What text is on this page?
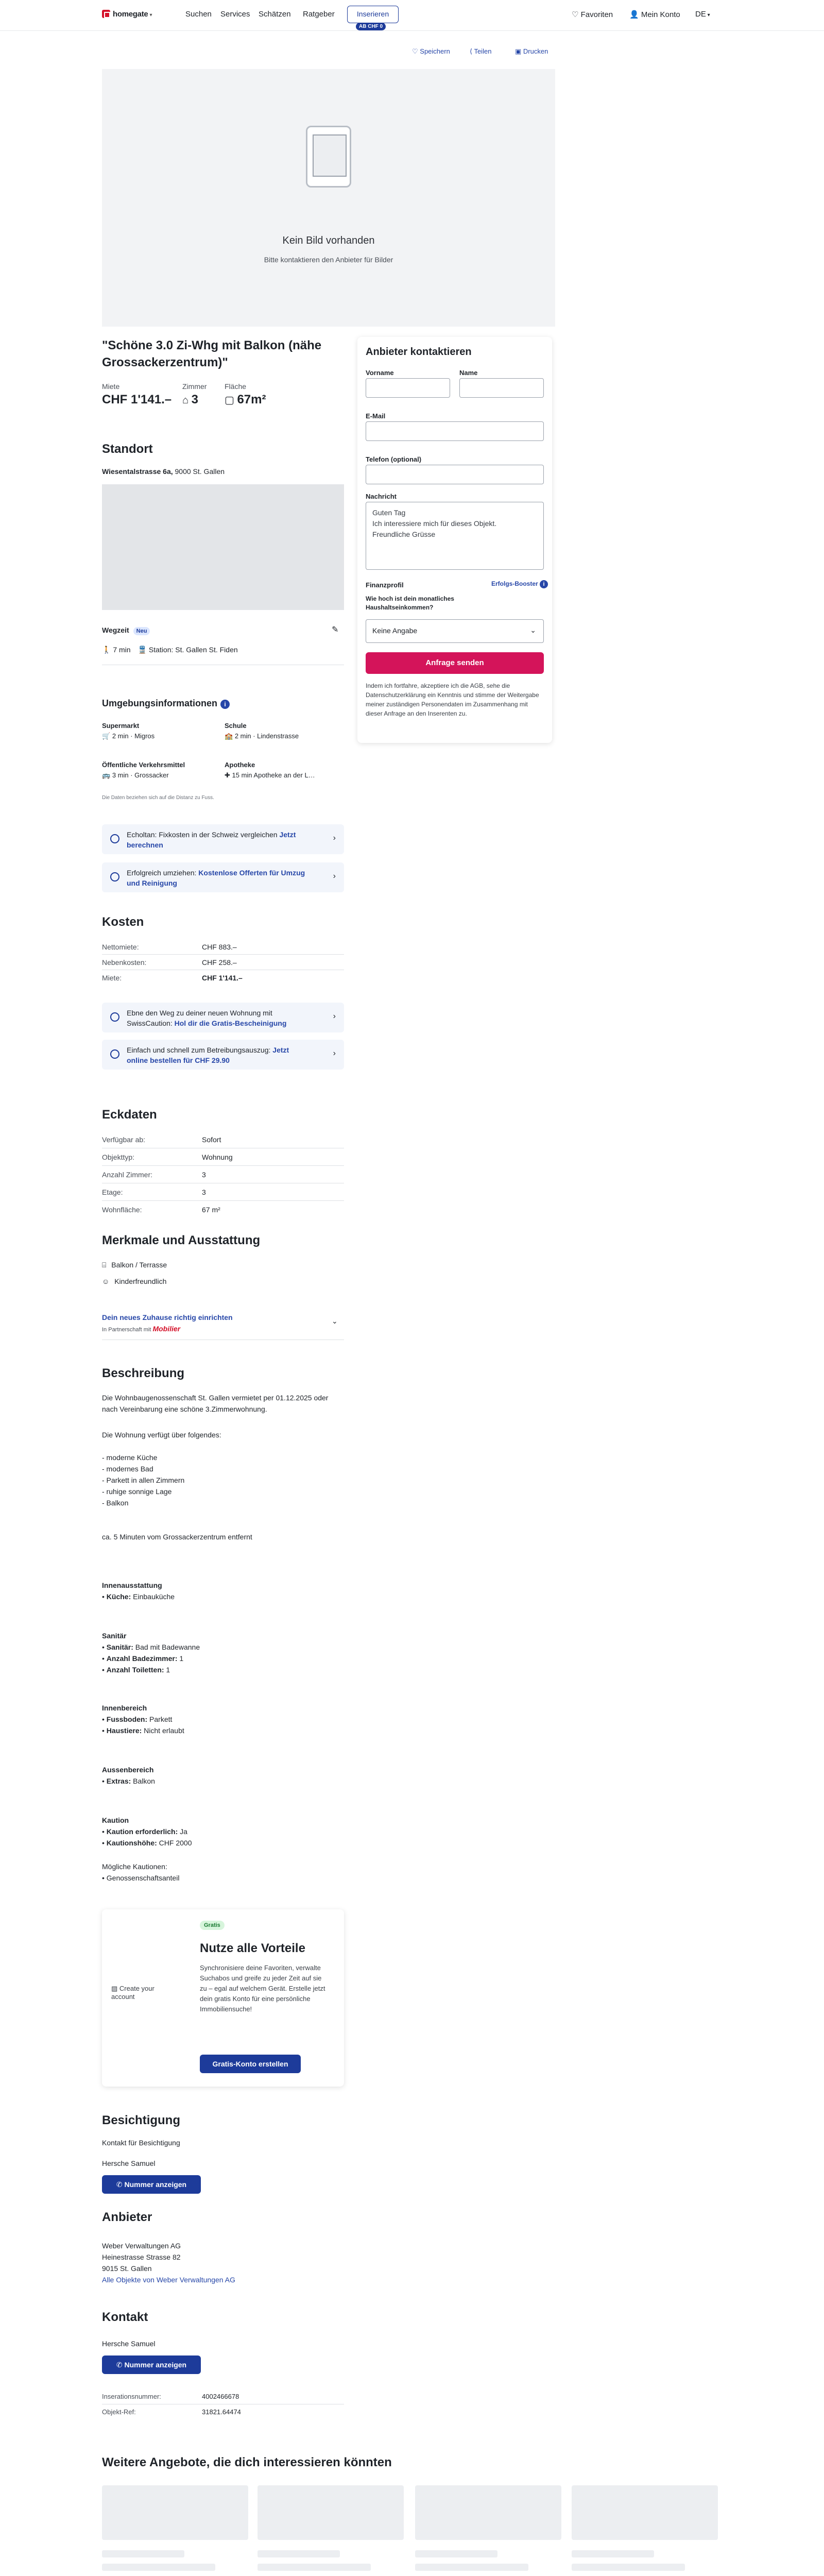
homegate ▾	Suchen Services Schätzen Ratgeber	Inserieren
AB CHF 0
♡ Favoriten 👤 Mein Konto DE ▾
♡ Speichern	⟨ Teilen	▣ Drucken
Kein Bild vorhanden
Bitte kontaktieren den Anbieter für Bilder
"Schöne 3.0 Zi-Whg mit Balkon (nähe Grossackerzentrum)"
Miete
CHF 1'141.–
Zimmer
⌂ 3
Fläche
▢ 67m²
Standort
Wiesentalstrasse 6a, 9000 St. Gallen
Wegzeit Neu	✎
🚶 7 min 🚆 Station: St. Gallen St. Fiden
Umgebungsinformationen i
Supermarkt
🛒 2 min · Migros
Schule
🏫 2 min · Lindenstrasse
Öffentliche Verkehrsmittel
🚌 3 min · Grossacker
Apotheke
✚ 15 min Apotheke an der L…
Die Daten beziehen sich auf die Distanz zu Fuss.
Echoltan: Fixkosten in der Schweiz vergleichen Jetzt berechnen
›
Erfolgreich umziehen: Kostenlose Offerten für Umzug und Reinigung
›
Kosten
Nettomiete:	CHF 883.–
Nebenkosten:	CHF 258.–
Miete:	CHF 1'141.–
Ebne den Weg zu deiner neuen Wohnung mit SwissCaution: Hol dir die Gratis-Bescheinigung
›
Einfach und schnell zum Betreibungsauszug: Jetzt online bestellen für CHF 29.90
›
Eckdaten
Verfügbar ab:	Sofort
Objekttyp:	Wohnung
Anzahl Zimmer:	3
Etage:	3
Wohnfläche:	67 m²
Merkmale und Ausstattung
⌸ Balkon / Terrasse
☺ Kinderfreundlich
Dein neues Zuhause richtig einrichten
In Partnerschaft mit Mobilier
⌄
Beschreibung
Die Wohnbaugenossenschaft St. Gallen vermietet per 01.12.2025 oder nach Vereinbarung eine schöne 3.Zimmerwohnung.
Die Wohnung verfügt über folgendes:
- moderne Küche
- modernes Bad
- Parkett in allen Zimmern
- ruhige sonnige Lage
- Balkon
ca. 5 Minuten vom Grossackerzentrum entfernt
Innenausstattung
• Küche: Einbauküche
Sanitär
• Sanitär: Bad mit Badewanne
• Anzahl Badezimmer: 1
• Anzahl Toiletten: 1
Innenbereich
• Fussboden: Parkett
• Haustiere: Nicht erlaubt
Aussenbereich
• Extras: Balkon
Kaution
• Kaution erforderlich: Ja
• Kautionshöhe: CHF 2000
Mögliche Kautionen:
• Genossenschaftsanteil
Gratis
▨ Create your account
Nutze alle Vorteile
Synchronisiere deine Favoriten, verwalte Suchabos und greife zu jeder Zeit auf sie zu – egal auf welchem Gerät. Erstelle jetzt dein gratis Konto für eine persönliche Immobiliensuche!
Gratis-Konto erstellen
Besichtigung
Kontakt für Besichtigung
Hersche Samuel
✆ Nummer anzeigen
Anbieter
Weber Verwaltungen AG
Heinestrasse Strasse 82
9015 St. Gallen
Alle Objekte von Weber Verwaltungen AG
Kontakt
Hersche Samuel
✆ Nummer anzeigen
Inserationsnummer:	4002466678
Objekt-Ref:	31821.64474
Weitere Angebote, die dich interessieren könnten
Anbieter kontaktieren
Vorname	Name
E-Mail
Telefon (optional)
Nachricht
Guten Tag
Ich interessiere mich für dieses Objekt.
Freundliche Grüsse
Finanzprofil	Erfolgs-Booster i
Wie hoch ist dein monatliches Haushaltseinkommen?
Keine Angabe	⌄
Anfrage senden
Indem ich fortfahre, akzeptiere ich die AGB, sehe die Datenschutzerklärung ein Kenntnis und stimme der Weitergabe meiner zuständigen Personendaten im Zusammenhang mit dieser Anfrage an den Inserenten zu.
